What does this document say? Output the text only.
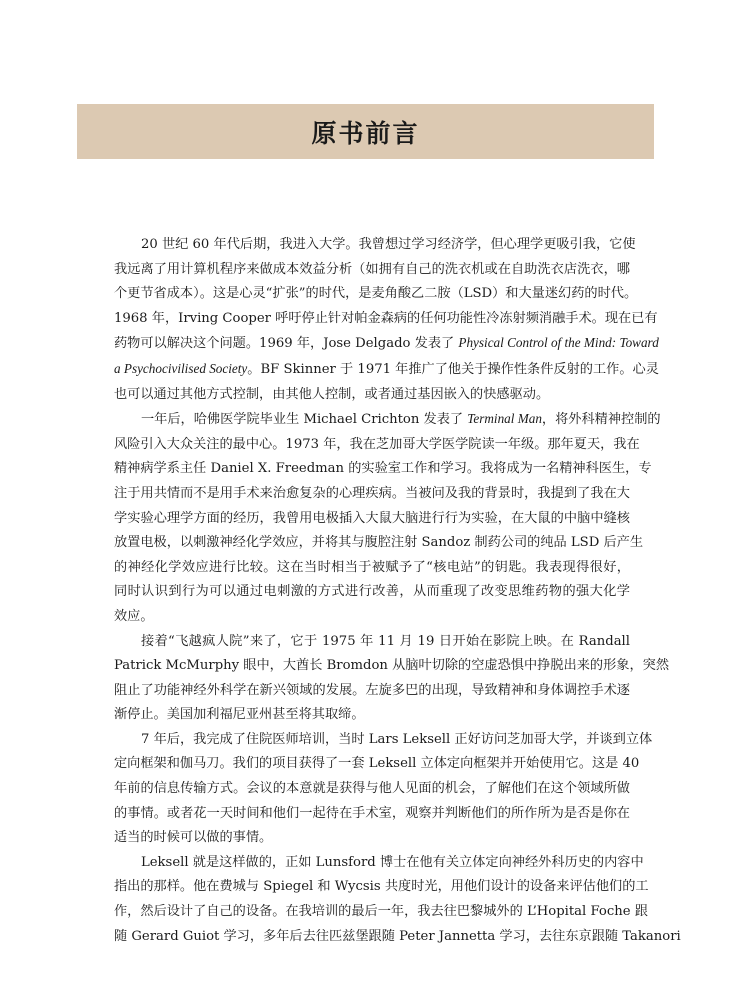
原书前言
20 世纪 60 年代后期，我进入大学。我曾想过学习经济学，但心理学更吸引我，它使
我远离了用计算机程序来做成本效益分析（如拥有自己的洗衣机或在自助洗衣店洗衣，哪
个更节省成本）。这是心灵“扩张”的时代，是麦角酸乙二胺（LSD）和大量迷幻药的时代。
1968 年，Irving Cooper 呼吁停止针对帕金森病的任何功能性冷冻射频消融手术。现在已有
药物可以解决这个问题。1969 年，Jose Delgado 发表了 Physical Control of the Mind: Toward
a Psychocivilised Society。BF Skinner 于 1971 年推广了他关于操作性条件反射的工作。心灵
也可以通过其他方式控制，由其他人控制，或者通过基因嵌入的快感驱动。
一年后，哈佛医学院毕业生 Michael Crichton 发表了 Terminal Man，将外科精神控制的
风险引入大众关注的最中心。1973 年，我在芝加哥大学医学院读一年级。那年夏天，我在
精神病学系主任 Daniel X. Freedman 的实验室工作和学习。我将成为一名精神科医生，专
注于用共情而不是用手术来治愈复杂的心理疾病。当被问及我的背景时，我提到了我在大
学实验心理学方面的经历，我曾用电极插入大鼠大脑进行行为实验，在大鼠的中脑中缝核
放置电极，以刺激神经化学效应，并将其与腹腔注射 Sandoz 制药公司的纯品 LSD 后产生
的神经化学效应进行比较。这在当时相当于被赋予了“核电站”的钥匙。我表现得很好，
同时认识到行为可以通过电刺激的方式进行改善，从而重现了改变思维药物的强大化学
效应。
接着“飞越疯人院”来了，它于 1975 年 11 月 19 日开始在影院上映。在 Randall
Patrick McMurphy 眼中，大酋长 Bromdon 从脑叶切除的空虚恐惧中挣脱出来的形象，突然
阻止了功能神经外科学在新兴领域的发展。左旋多巴的出现，导致精神和身体调控手术逐
渐停止。美国加利福尼亚州甚至将其取缔。
7 年后，我完成了住院医师培训，当时 Lars Leksell 正好访问芝加哥大学，并谈到立体
定向框架和伽马刀。我们的项目获得了一套 Leksell 立体定向框架并开始使用它。这是 40
年前的信息传输方式。会议的本意就是获得与他人见面的机会，了解他们在这个领域所做
的事情。或者花一天时间和他们一起待在手术室，观察并判断他们的所作所为是否是你在
适当的时候可以做的事情。
Leksell 就是这样做的，正如 Lunsford 博士在他有关立体定向神经外科历史的内容中
指出的那样。他在费城与 Spiegel 和 Wycsis 共度时光，用他们设计的设备来评估他们的工
作，然后设计了自己的设备。在我培训的最后一年，我去往巴黎城外的 L’Hopital Foche 跟
随 Gerard Guiot 学习，多年后去往匹兹堡跟随 Peter Jannetta 学习，去往东京跟随 Takanori
